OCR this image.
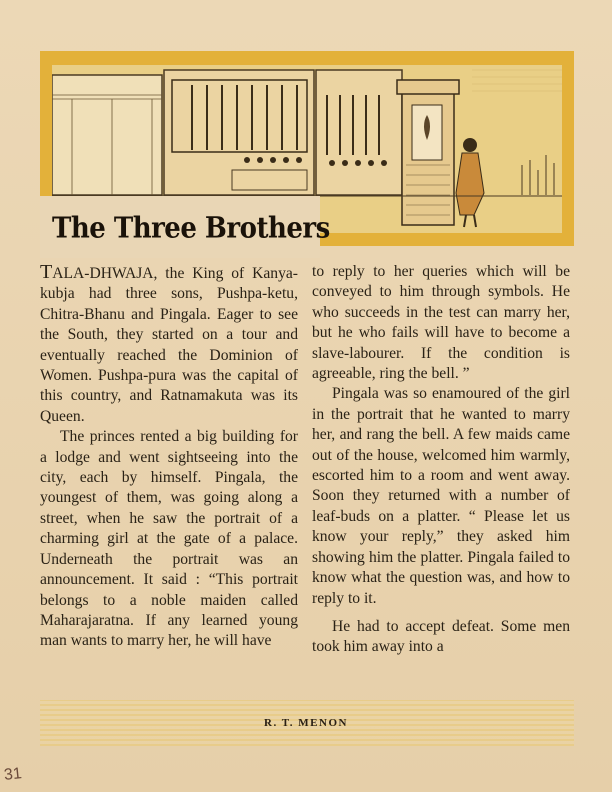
The Three Brothers

TALA-DHWAJA, the King of Kanya-kubja had three sons, Pushpa-ketu, Chitra-Bhanu and Pingala. Eager to see the South, they started on a tour and eventually reached the Dominion of Women. Pushpa-pura was the capital of this country, and Ratnamakuta was its Queen.

The princes rented a big building for a lodge and went sightseeing into the city, each by himself. Pingala, the youngest of them, was going along a street, when he saw the portrait of a charming girl at the gate of a palace. Underneath the portrait was an announcement. It said : “This portrait belongs to a noble maiden called Maharajaratna. If any learned young man wants to marry her, he will have

to reply to her queries which will be conveyed to him through symbols. He who succeeds in the test can marry her, but he who fails will have to become a slave-labourer. If the condition is agreeable, ring the bell. ”

Pingala was so enamoured of the girl in the portrait that he wanted to marry her, and rang the bell. A few maids came out of the house, welcomed him warmly, escorted him to a room and went away. Soon they returned with a number of leaf-buds on a platter. “ Please let us know your reply,” they asked him showing him the platter. Pingala failed to know what the question was, and how to reply to it.

He had to accept defeat. Some men took him away into a

R. T. MENON
31
